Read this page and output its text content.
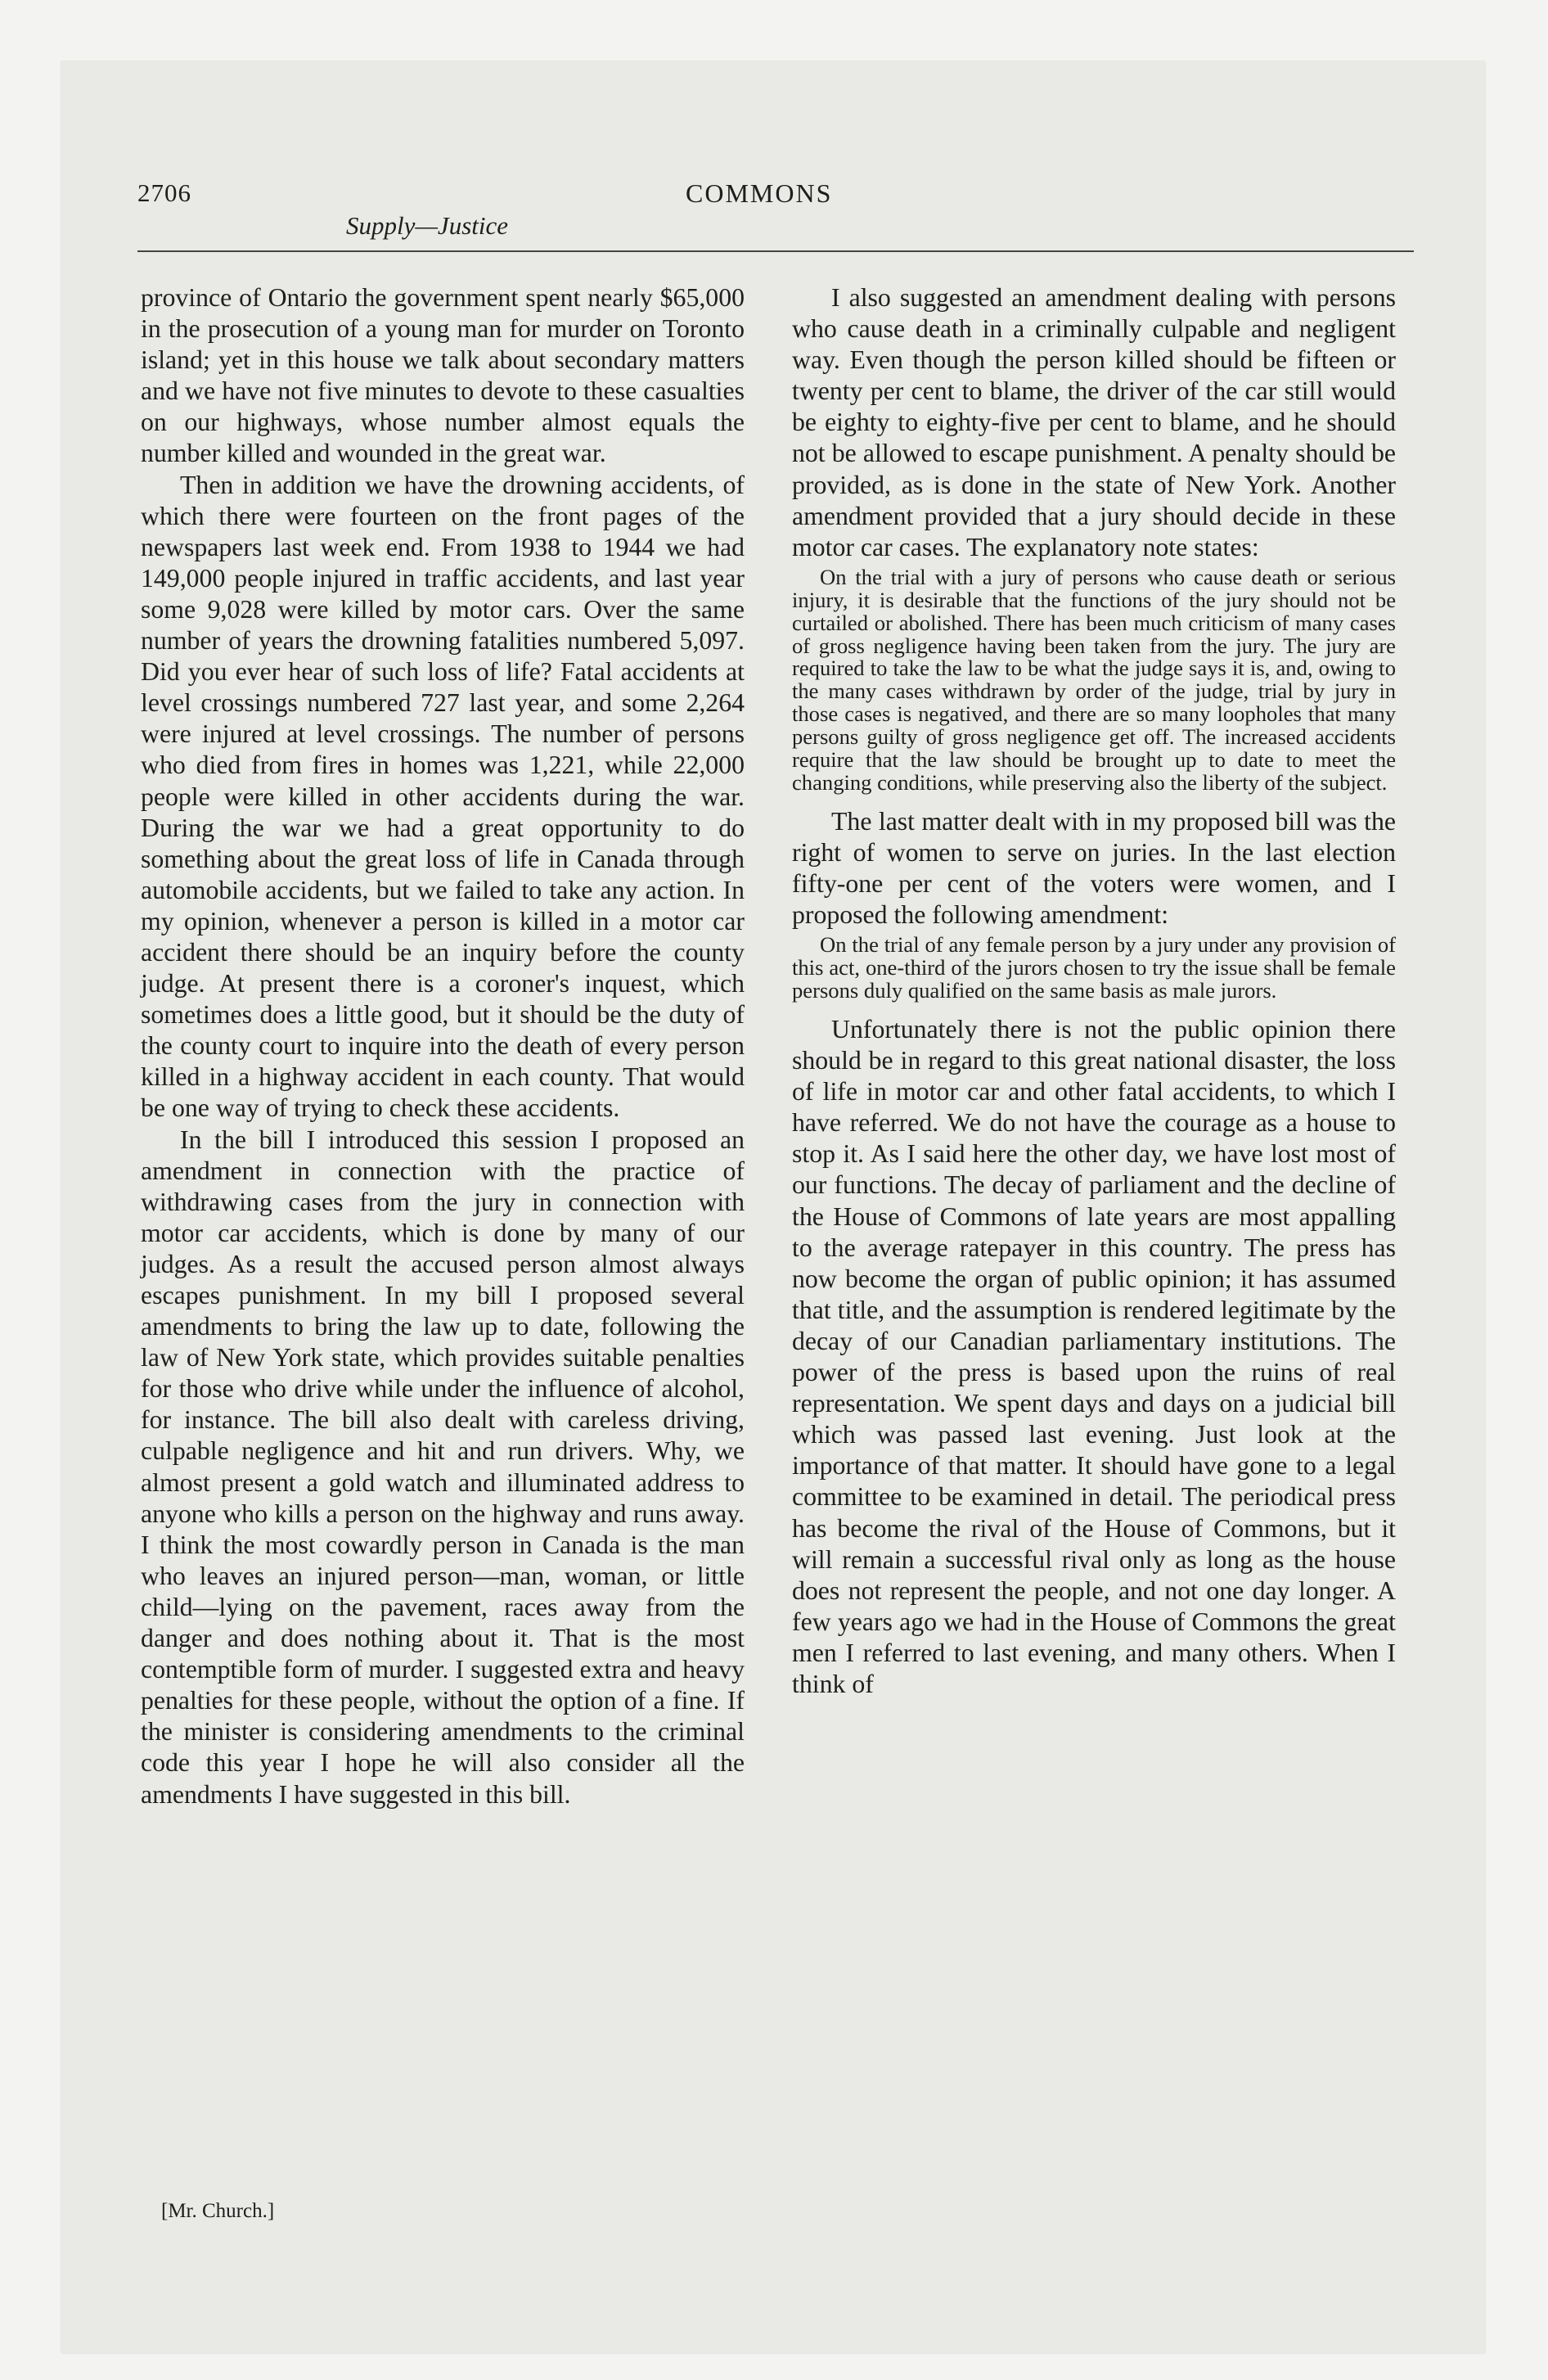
2706	COMMONS
Supply—Justice

province of Ontario the government spent nearly $65,000 in the prosecution of a young man for murder on Toronto island; yet in this house we talk about secondary matters and we have not five minutes to devote to these casualties on our highways, whose number almost equals the number killed and wounded in the great war.

Then in addition we have the drowning accidents, of which there were fourteen on the front pages of the newspapers last week end. From 1938 to 1944 we had 149,000 people injured in traffic accidents, and last year some 9,028 were killed by motor cars. Over the same number of years the drowning fatalities numbered 5,097. Did you ever hear of such loss of life? Fatal accidents at level crossings numbered 727 last year, and some 2,264 were injured at level crossings. The number of persons who died from fires in homes was 1,221, while 22,000 people were killed in other accidents during the war. During the war we had a great opportunity to do something about the great loss of life in Canada through automobile accidents, but we failed to take any action. In my opinion, whenever a person is killed in a motor car accident there should be an inquiry before the county judge. At present there is a coroner's inquest, which sometimes does a little good, but it should be the duty of the county court to inquire into the death of every person killed in a highway accident in each county. That would be one way of trying to check these accidents.

In the bill I introduced this session I proposed an amendment in connection with the practice of withdrawing cases from the jury in connection with motor car accidents, which is done by many of our judges. As a result the accused person almost always escapes punishment. In my bill I proposed several amendments to bring the law up to date, following the law of New York state, which provides suitable penalties for those who drive while under the influence of alcohol, for instance. The bill also dealt with careless driving, culpable negligence and hit and run drivers. Why, we almost present a gold watch and illuminated address to anyone who kills a person on the highway and runs away. I think the most cowardly person in Canada is the man who leaves an injured person—man, woman, or little child—lying on the pavement, races away from the danger and does nothing about it. That is the most contemptible form of murder. I suggested extra and heavy penalties for these people, without the option of a fine. If the minister is considering amendments to the criminal code this year I hope he will also consider all the amendments I have suggested in this bill.

I also suggested an amendment dealing with persons who cause death in a criminally culpable and negligent way. Even though the person killed should be fifteen or twenty per cent to blame, the driver of the car still would be eighty to eighty-five per cent to blame, and he should not be allowed to escape punishment. A penalty should be provided, as is done in the state of New York. Another amendment provided that a jury should decide in these motor car cases. The explanatory note states:

On the trial with a jury of persons who cause death or serious injury, it is desirable that the functions of the jury should not be curtailed or abolished. There has been much criticism of many cases of gross negligence having been taken from the jury. The jury are required to take the law to be what the judge says it is, and, owing to the many cases withdrawn by order of the judge, trial by jury in those cases is negatived, and there are so many loopholes that many persons guilty of gross negligence get off. The increased accidents require that the law should be brought up to date to meet the changing conditions, while preserving also the liberty of the subject.

The last matter dealt with in my proposed bill was the right of women to serve on juries. In the last election fifty-one per cent of the voters were women, and I proposed the following amendment:

On the trial of any female person by a jury under any provision of this act, one-third of the jurors chosen to try the issue shall be female persons duly qualified on the same basis as male jurors.

Unfortunately there is not the public opinion there should be in regard to this great national disaster, the loss of life in motor car and other fatal accidents, to which I have referred. We do not have the courage as a house to stop it. As I said here the other day, we have lost most of our functions. The decay of parliament and the decline of the House of Commons of late years are most appalling to the average ratepayer in this country. The press has now become the organ of public opinion; it has assumed that title, and the assumption is rendered legitimate by the decay of our Canadian parliamentary institutions. The power of the press is based upon the ruins of real representation. We spent days and days on a judicial bill which was passed last evening. Just look at the importance of that matter. It should have gone to a legal committee to be examined in detail. The periodical press has become the rival of the House of Commons, but it will remain a successful rival only as long as the house does not represent the people, and not one day longer. A few years ago we had in the House of Commons the great men I referred to last evening, and many others. When I think of

[Mr. Church.]
